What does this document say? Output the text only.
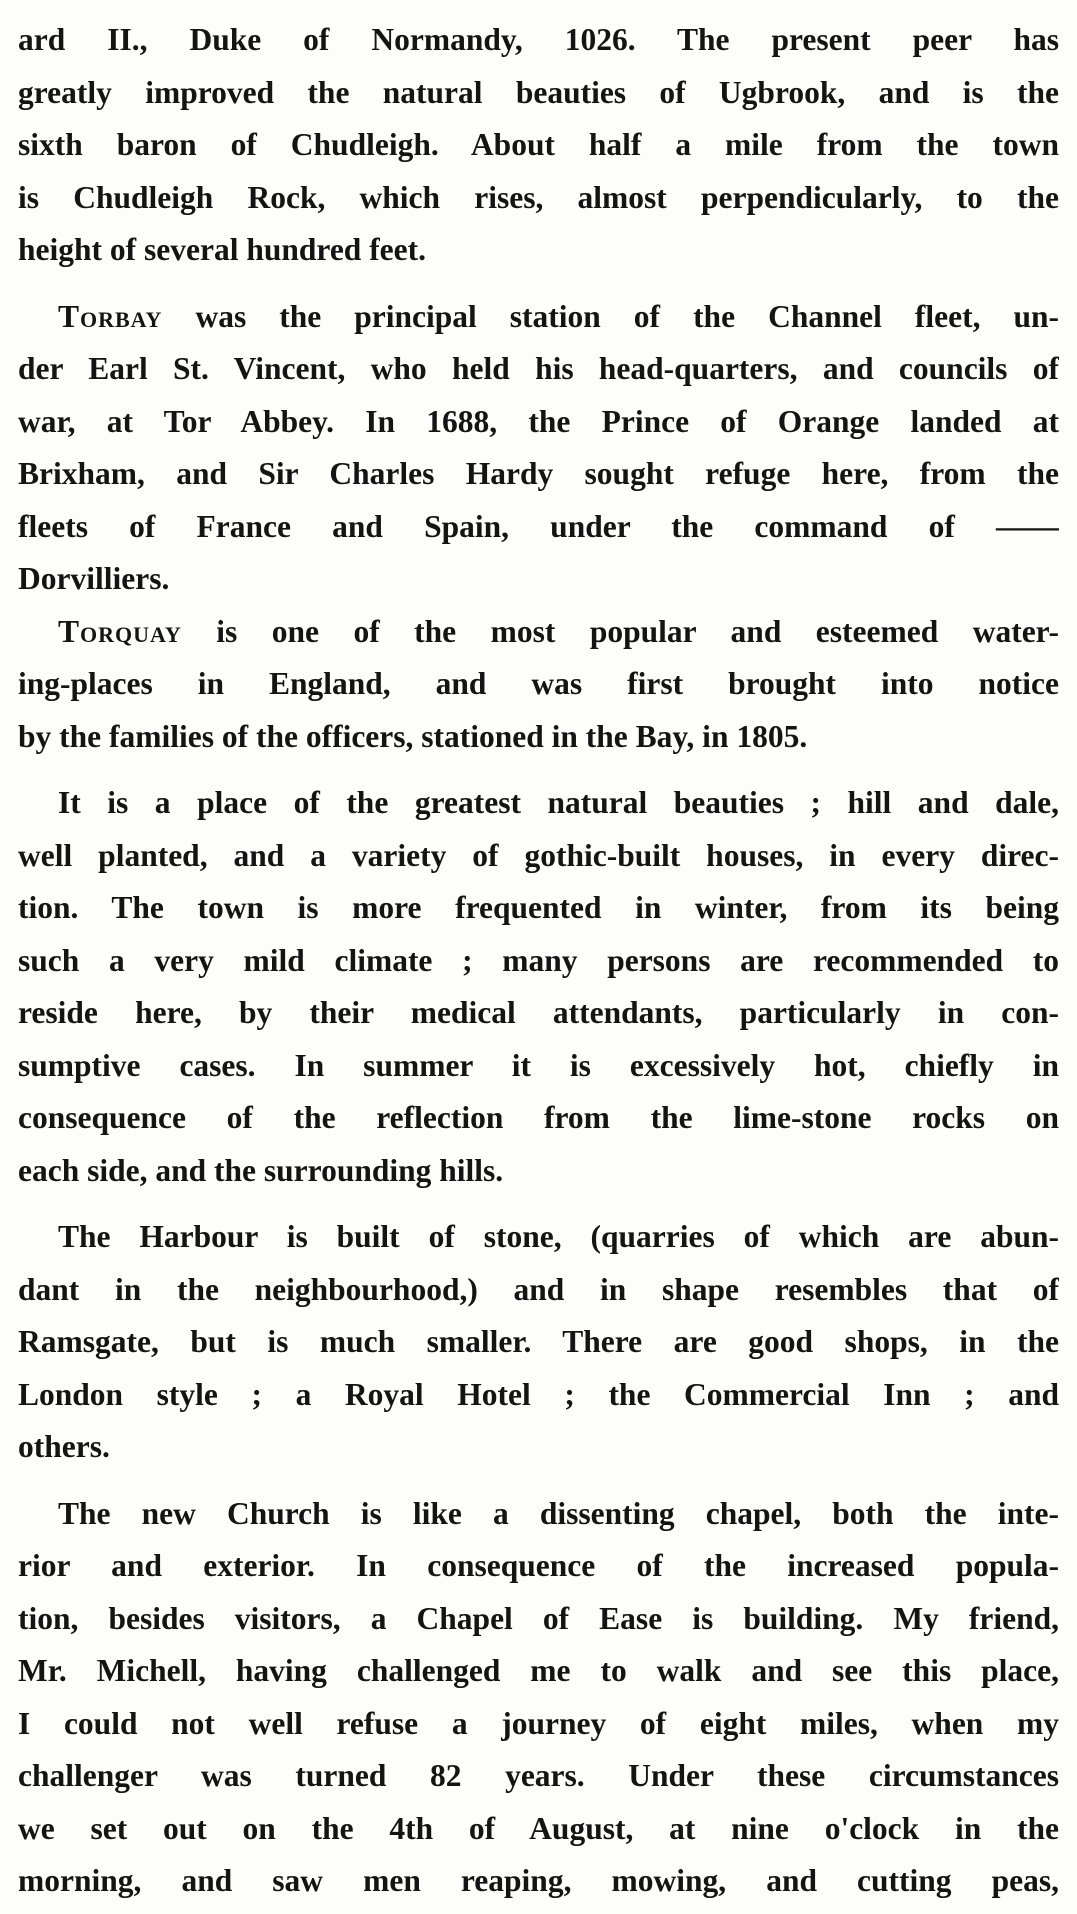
ard II., Duke of Normandy, 1026. The present peer has
greatly improved the natural beauties of Ugbrook, and is the
sixth baron of Chudleigh. About half a mile from the town
is Chudleigh Rock, which rises, almost perpendicularly, to the
height of several hundred feet.

Torbay was the principal station of the Channel fleet, un-
der Earl St. Vincent, who held his head-quarters, and councils of
war, at Tor Abbey. In 1688, the Prince of Orange landed at
Brixham, and Sir Charles Hardy sought refuge here, from the
fleets of France and Spain, under the command of ——
Dorvilliers.

Torquay is one of the most popular and esteemed water-
ing-places in England, and was first brought into notice
by the families of the officers, stationed in the Bay, in 1805.

It is a place of the greatest natural beauties ; hill and dale,
well planted, and a variety of gothic-built houses, in every direc-
tion. The town is more frequented in winter, from its being
such a very mild climate ; many persons are recommended to
reside here, by their medical attendants, particularly in con-
sumptive cases. In summer it is excessively hot, chiefly in
consequence of the reflection from the lime-stone rocks on
each side, and the surrounding hills.

The Harbour is built of stone, (quarries of which are abun-
dant in the neighbourhood,) and in shape resembles that of
Ramsgate, but is much smaller. There are good shops, in the
London style ; a Royal Hotel ; the Commercial Inn ; and
others.

The new Church is like a dissenting chapel, both the inte-
rior and exterior. In consequence of the increased popula-
tion, besides visitors, a Chapel of Ease is building. My friend,
Mr. Michell, having challenged me to walk and see this place,
I could not well refuse a journey of eight miles, when my
challenger was turned 82 years. Under these circumstances
we set out on the 4th of August, at nine o'clock in the
morning, and saw men reaping, mowing, and cutting peas,
